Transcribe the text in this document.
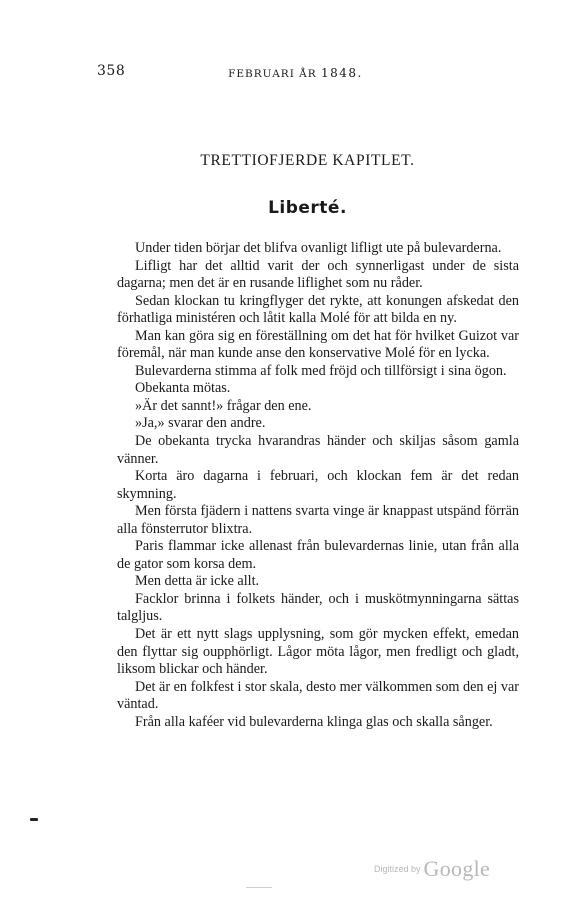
358	FEBRUARI ÅR 1848.
TRETTIOFJERDE KAPITLET.
Liberté.

Under tiden börjar det blifva ovanligt lifligt ute på bulevarderna.

Lifligt har det alltid varit der och synnerligast under de sista dagarna; men det är en rusande liflighet som nu råder.

Sedan klockan tu kringflyger det rykte, att konungen afskedat den förhatliga ministéren och låtit kalla Molé för att bilda en ny.

Man kan göra sig en föreställning om det hat för hvilket Guizot var föremål, när man kunde anse den konservative Molé för en lycka.

Bulevarderna stimma af folk med fröjd och tillförsigt i sina ögon.

Obekanta mötas.

»Är det sannt!» frågar den ene.

»Ja,» svarar den andre.

De obekanta trycka hvarandras händer och skiljas såsom gamla vänner.

Korta äro dagarna i februari, och klockan fem är det redan skymning.

Men första fjädern i nattens svarta vinge är knappast utspänd förrän alla fönsterrutor blixtra.

Paris flammar icke allenast från bulevardernas linie, utan från alla de gator som korsa dem.

Men detta är icke allt.

Facklor brinna i folkets händer, och i muskötmynningarna sättas talgljus.

Det är ett nytt slags upplysning, som gör mycken effekt, emedan den flyttar sig oupphörligt. Lågor möta lågor, men fredligt och gladt, liksom blickar och händer.

Det är en folkfest i stor skala, desto mer välkommen som den ej var väntad.

Från alla kaféer vid bulevarderna klinga glas och skalla sånger.

$^{Digitized by}$ Google
